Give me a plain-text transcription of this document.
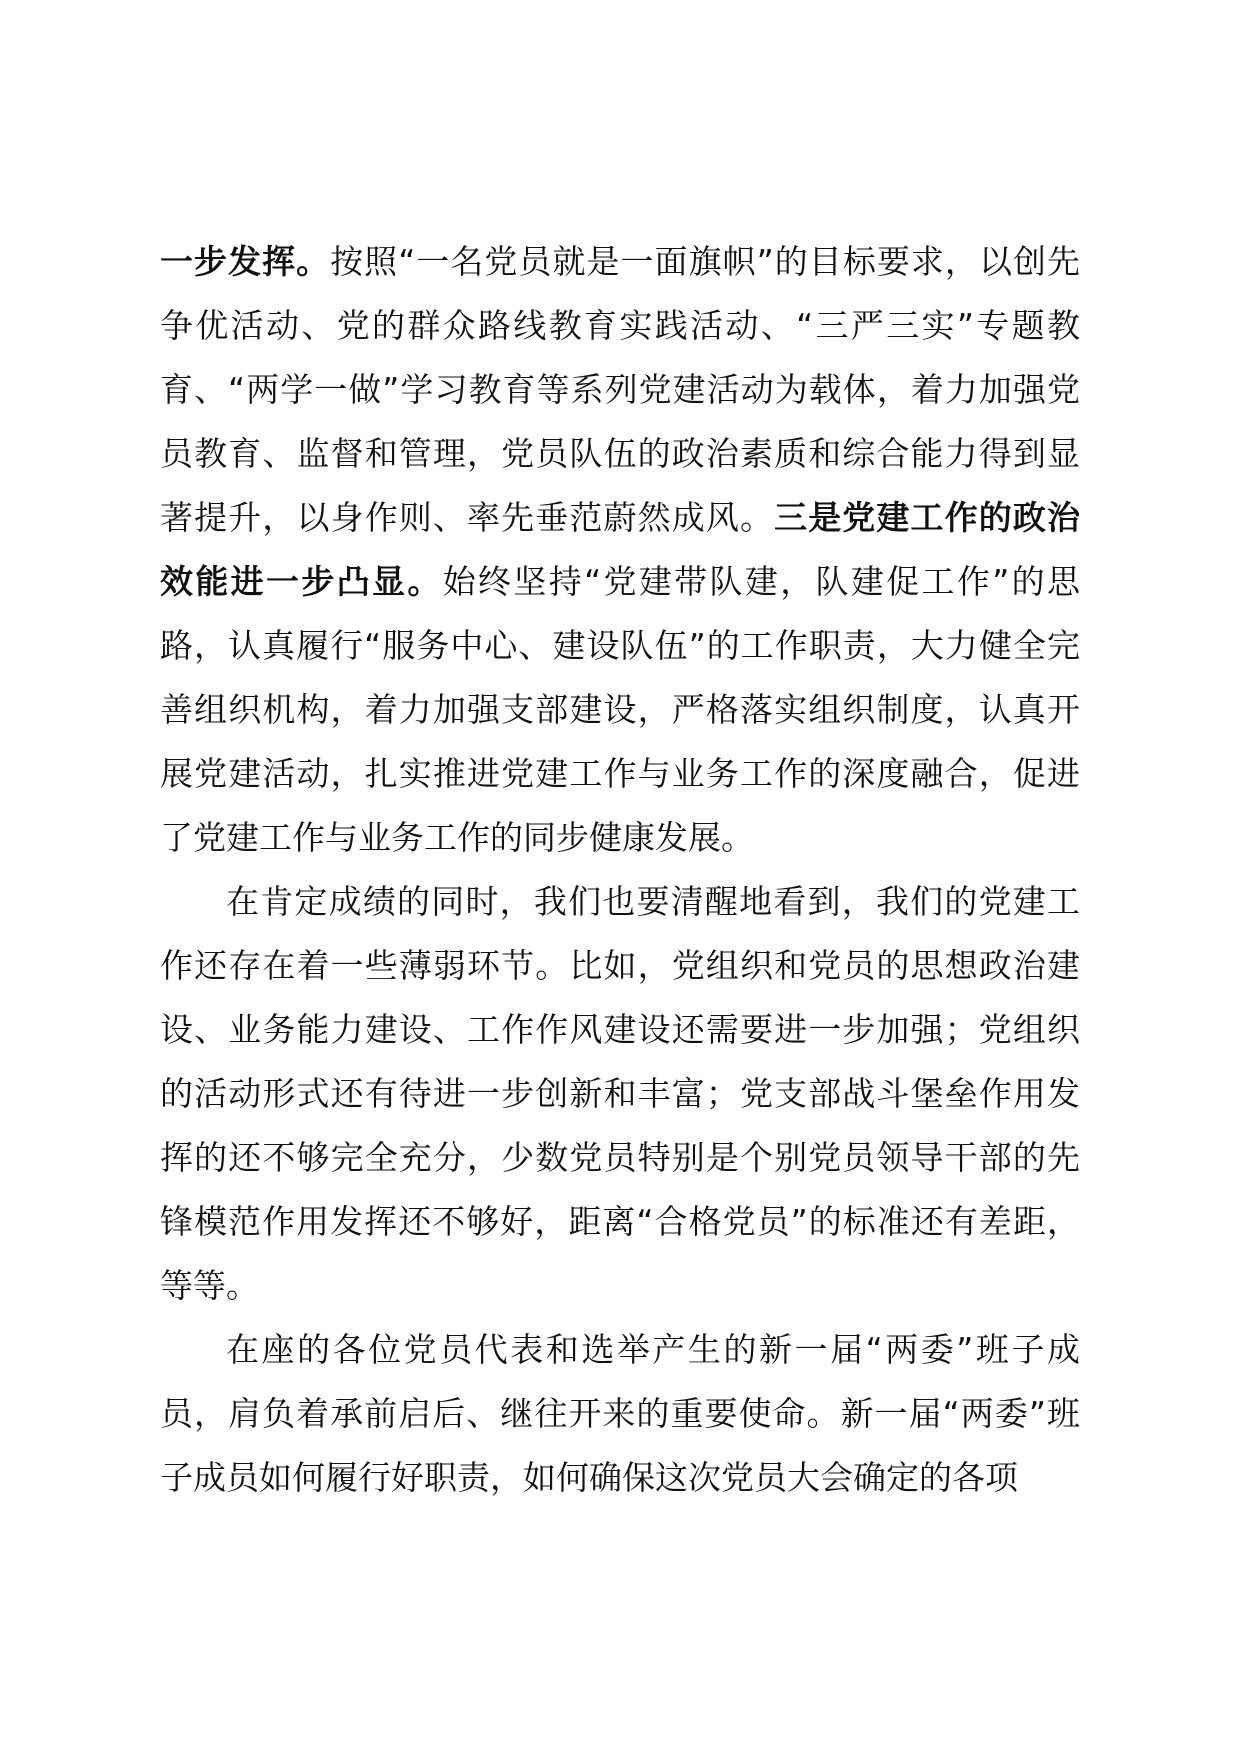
一步发挥。按照“一名党员就是一面旗帜”的目标要求，以创先争优活动、党的群众路线教育实践活动、“三严三实”专题教育、“两学一做”学习教育等系列党建活动为载体，着力加强党员教育、监督和管理，党员队伍的政治素质和综合能力得到显著提升，以身作则、率先垂范蔚然成风。三是党建工作的政治效能进一步凸显。始终坚持“党建带队建，队建促工作”的思路，认真履行“服务中心、建设队伍”的工作职责，大力健全完善组织机构，着力加强支部建设，严格落实组织制度，认真开展党建活动，扎实推进党建工作与业务工作的深度融合，促进了党建工作与业务工作的同步健康发展。

在肯定成绩的同时，我们也要清醒地看到，我们的党建工作还存在着一些薄弱环节。比如，党组织和党员的思想政治建设、业务能力建设、工作作风建设还需要进一步加强；党组织的活动形式还有待进一步创新和丰富；党支部战斗堡垒作用发挥的还不够完全充分，少数党员特别是个别党员领导干部的先锋模范作用发挥还不够好，距离“合格党员”的标准还有差距，等等。

在座的各位党员代表和选举产生的新一届“两委”班子成员，肩负着承前启后、继往开来的重要使命。新一届“两委”班子成员如何履行好职责，如何确保这次党员大会确定的各项
